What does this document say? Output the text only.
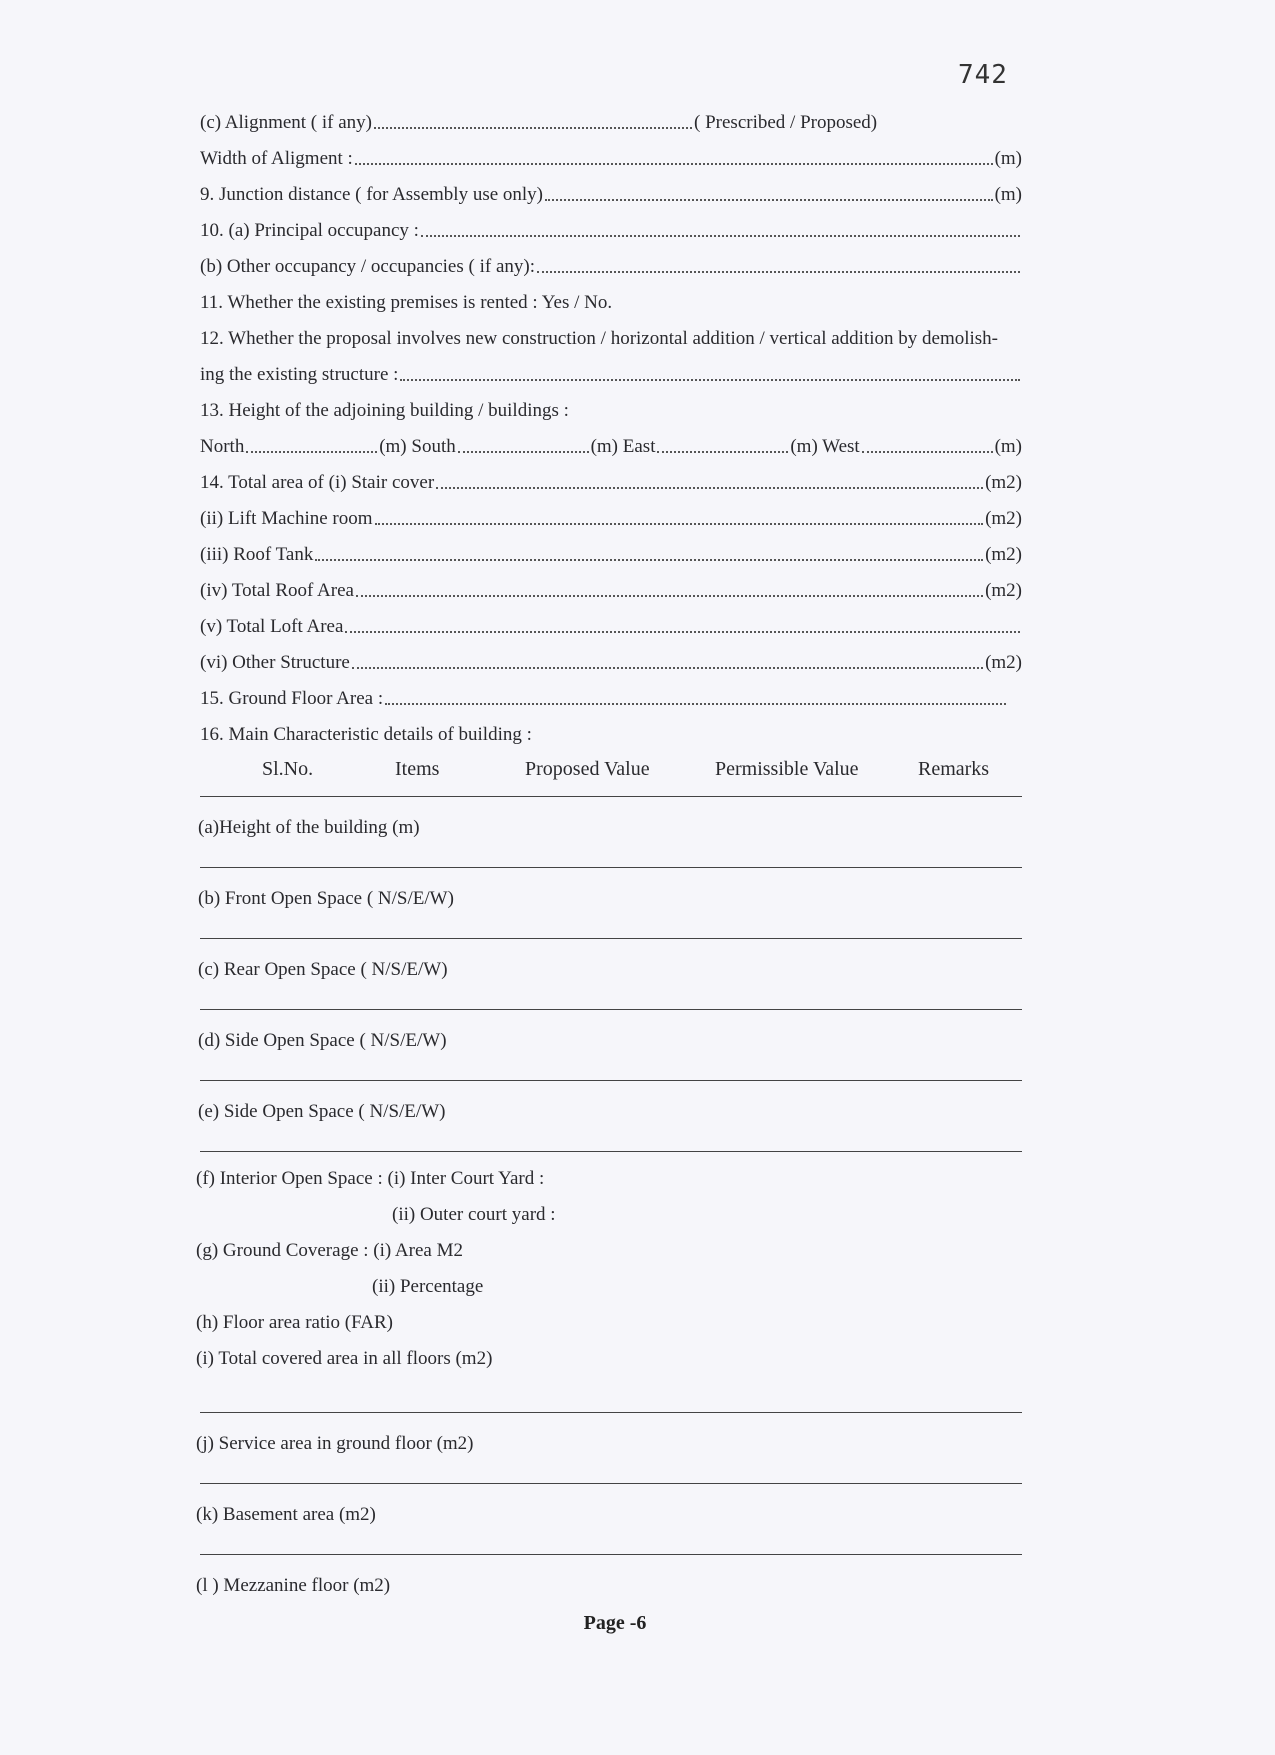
742
(c) Alignment ( if any)	( Prescribed / Proposed)
Width of Aligment :	(m)
9. Junction distance ( for Assembly use only)	(m)
10. (a) Principal occupancy :
(b) Other occupancy / occupancies ( if any):
11. Whether the existing premises is rented : Yes / No.
12. Whether the proposal involves new construction / horizontal addition / vertical addition by demolish-
ing the existing structure :
13. Height of the adjoining building / buildings :
North	(m) South	(m) East	(m) West	(m)
14. Total area of (i) Stair cover	(m2)
(ii) Lift Machine room	(m2)
(iii) Roof Tank	(m2)
(iv) Total Roof Area	(m2)
(v) Total Loft Area
(vi) Other Structure	(m2)
15. Ground Floor Area :
16. Main Characteristic details of building :
Sl.No.	Items	Proposed Value	Permissible Value	Remarks
(a)Height of the building (m)
(b) Front Open Space ( N/S/E/W)
(c) Rear Open Space ( N/S/E/W)
(d) Side Open Space ( N/S/E/W)
(e) Side Open Space ( N/S/E/W)
(f) Interior Open Space : (i) Inter Court Yard :
(ii) Outer court yard :
(g) Ground Coverage : (i) Area M2
(ii) Percentage
(h) Floor area ratio (FAR)
(i) Total covered area in all floors (m2)
(j) Service area in ground floor (m2)
(k) Basement area (m2)
(l ) Mezzanine floor (m2)
Page -6
